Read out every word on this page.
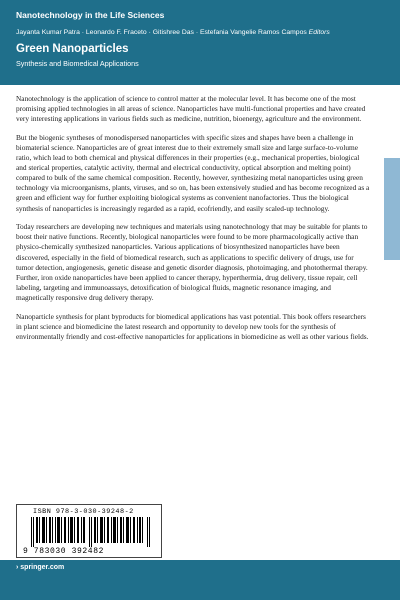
Nanotechnology in the Life Sciences
Jayanta Kumar Patra · Leonardo F. Fraceto · Gitishree Das · Estefania Vangelie Ramos Campos Editors
Green Nanoparticles
Synthesis and Biomedical Applications

Nanotechnology is the application of science to control matter at the molecular level. It has become one of the most promising applied technologies in all areas of science. Nanoparticles have multi-functional properties and have created very interesting applications in various fields such as medicine, nutrition, bioenergy, agriculture and the environment.

But the biogenic syntheses of monodispersed nanoparticles with specific sizes and shapes have been a challenge in biomaterial science. Nanoparticles are of great interest due to their extremely small size and large surface-to-volume ratio, which lead to both chemical and physical differences in their properties (e.g., mechanical properties, biological and sterical properties, catalytic activity, thermal and electrical conductivity, optical absorption and melting point) compared to bulk of the same chemical composition. Recently, however, synthesizing metal nanoparticles using green technology via microorganisms, plants, viruses, and so on, has been extensively studied and has become recognized as a green and efficient way for further exploiting biological systems as convenient nanofactories. Thus the biological synthesis of nanoparticles is increasingly regarded as a rapid, ecofriendly, and easily scaled-up technology.

Today researchers are developing new techniques and materials using nanotechnology that may be suitable for plants to boost their native functions. Recently, biological nanoparticles were found to be more pharmacologically active than physico-chemically synthesized nanoparticles. Various applications of biosynthesized nanoparticles have been discovered, especially in the field of biomedical research, such as applications to specific delivery of drugs, use for tumor detection, angiogenesis, genetic disease and genetic disorder diagnosis, photoimaging, and photothermal therapy. Further, iron oxide nanoparticles have been applied to cancer therapy, hyperthermia, drug delivery, tissue repair, cell labeling, targeting and immunoassays, detoxification of biological fluids, magnetic resonance imaging, and magnetically responsive drug delivery therapy.

Nanoparticle synthesis for plant byproducts for biomedical applications has vast potential. This book offers researchers in plant science and biomedicine the latest research and opportunity to develop new tools for the synthesis of environmentally friendly and cost-effective nanoparticles for applications in biomedicine as well as other various fields.

ISBN 978-3-030-39248-2
9 783030 392482
› springer.com
